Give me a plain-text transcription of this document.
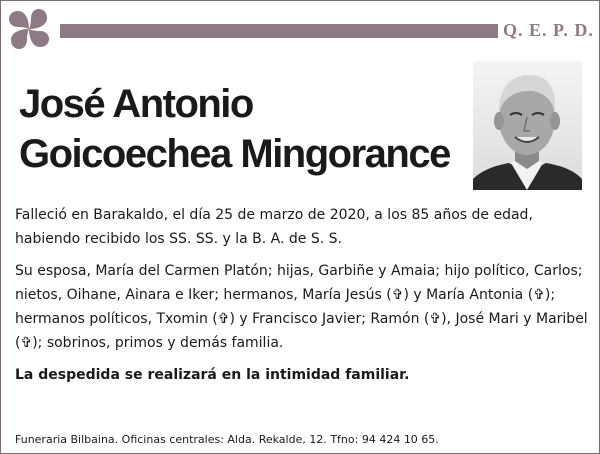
Q. E. P. D.
José Antonio
Goicoechea Mingorance

Falleció en Barakaldo, el día 25 de marzo de 2020, a los 85 años de edad, habiendo recibido los SS. SS. y la B. A. de S. S.

Su esposa, María del Carmen Platón; hijas, Garbiñe y Amaia; hijo político, Carlos; nietos, Oihane, Ainara e Iker; hermanos, María Jesús (✞) y María Antonia (✞); hermanos políticos, Txomin (✞) y Francisco Javier; Ramón (✞), José Mari y Maribel (✞); sobrinos, primos y demás familia.

La despedida se realizará en la intimidad familiar.

Funeraria Bilbaina. Oficinas centrales: Alda. Rekalde, 12. Tfno: 94 424 10 65.
